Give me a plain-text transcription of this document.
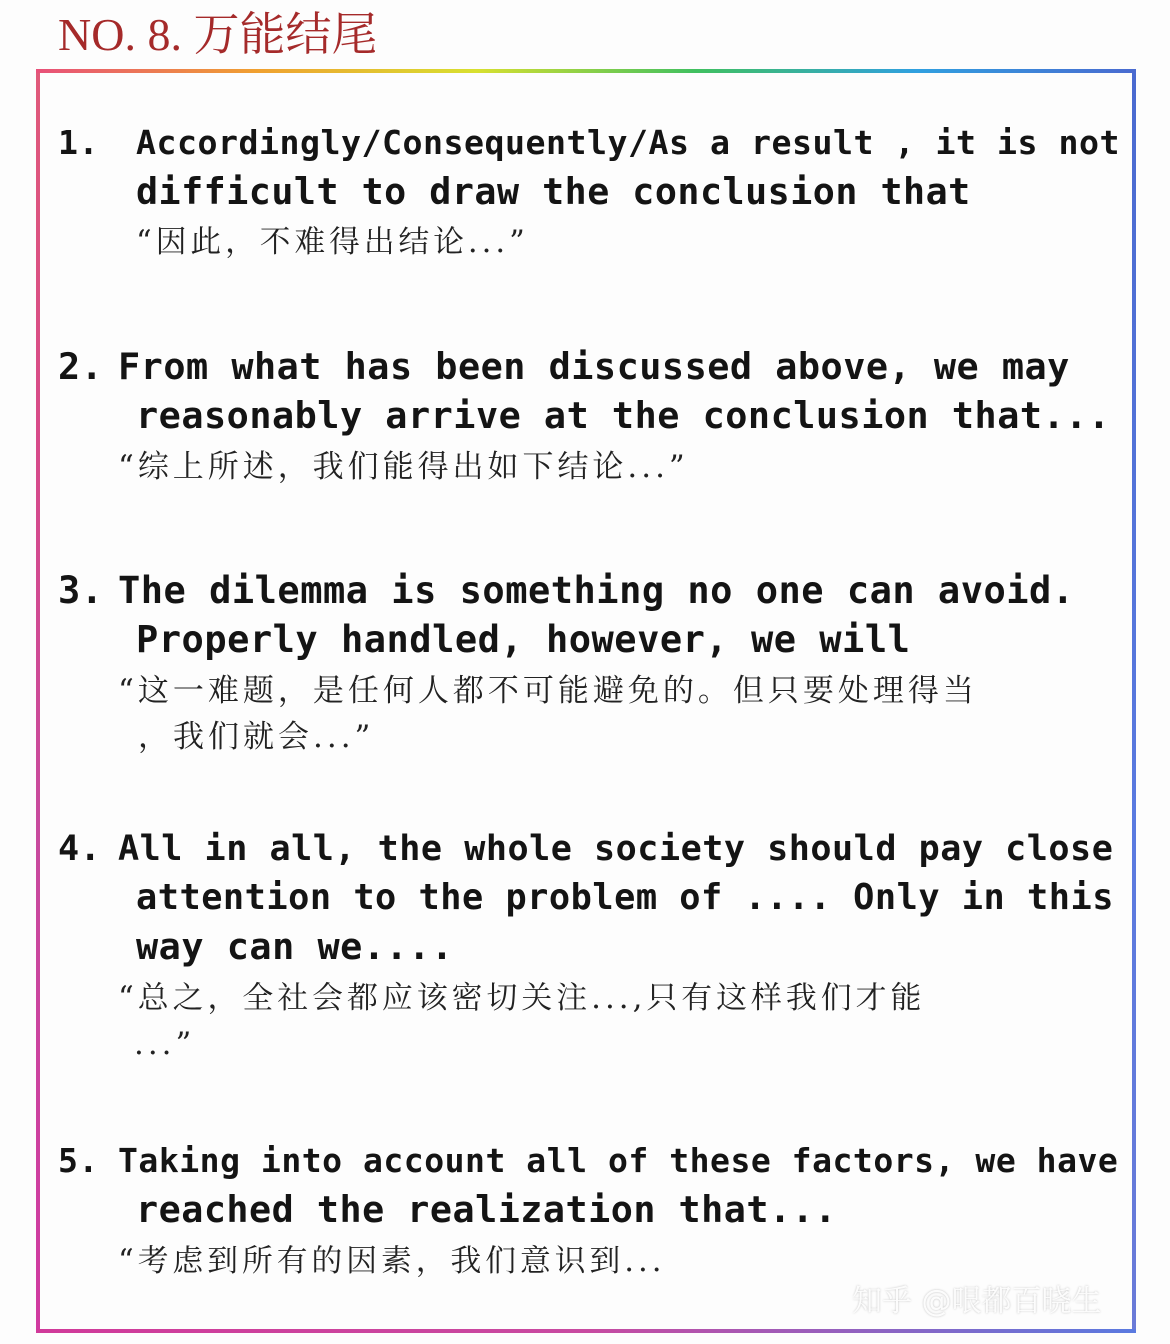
NO. 8. 万能结尾
1. Accordingly/Consequently/As a result , it is not
difficult to draw the conclusion that
“因此，不难得出结论...”
2. From what has been discussed above, we may
reasonably arrive at the conclusion that...
“综上所述，我们能得出如下结论...”
3. The dilemma is something no one can avoid.
Properly handled, however, we will
“这一难题，是任何人都不可能避免的。但只要处理得当
，我们就会...”
4. All in all, the whole society should pay close
attention to the problem of .... Only in this
way can we....
“总之，全社会都应该密切关注...,只有这样我们才能
...”
5. Taking into account all of these factors, we have
reached the realization that...
“考虑到所有的因素，我们意识到...
知乎 @哏都百晓生
